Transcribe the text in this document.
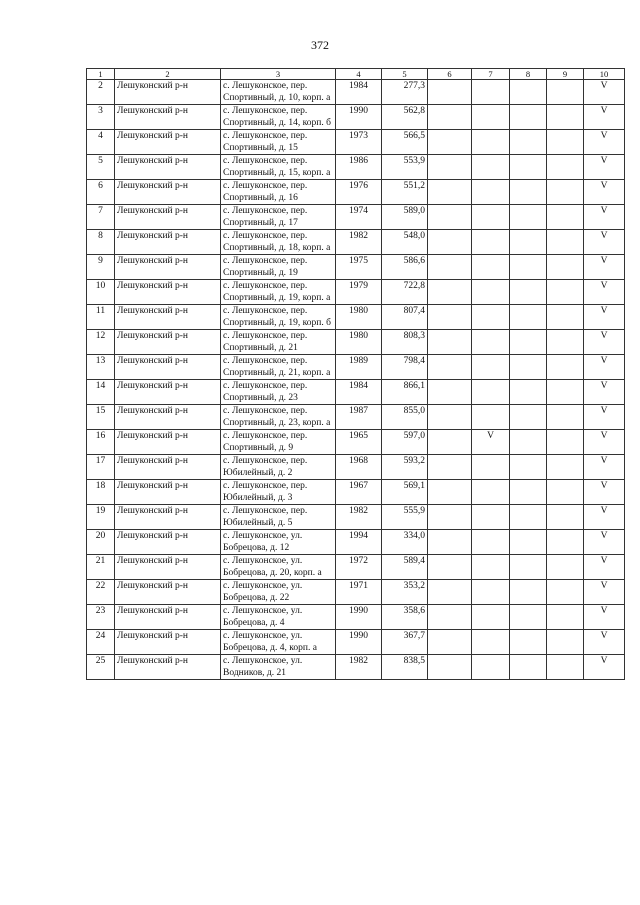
372
1	2	3	4	5	6	7	8	9	10
2	Лешуконский р-н	с. Лешуконское, пер. Спортивный, д. 10, корп. а	1984	277,3					V
3	Лешуконский р-н	с. Лешуконское, пер. Спортивный, д. 14, корп. б	1990	562,8					V
4	Лешуконский р-н	с. Лешуконское, пер. Спортивный, д. 15	1973	566,5					V
5	Лешуконский р-н	с. Лешуконское, пер. Спортивный, д. 15, корп. а	1986	553,9					V
6	Лешуконский р-н	с. Лешуконское, пер. Спортивный, д. 16	1976	551,2					V
7	Лешуконский р-н	с. Лешуконское, пер. Спортивный, д. 17	1974	589,0					V
8	Лешуконский р-н	с. Лешуконское, пер. Спортивный, д. 18, корп. а	1982	548,0					V
9	Лешуконский р-н	с. Лешуконское, пер. Спортивный, д. 19	1975	586,6					V
10	Лешуконский р-н	с. Лешуконское, пер. Спортивный, д. 19, корп. а	1979	722,8					V
11	Лешуконский р-н	с. Лешуконское, пер. Спортивный, д. 19, корп. б	1980	807,4					V
12	Лешуконский р-н	с. Лешуконское, пер. Спортивный, д. 21	1980	808,3					V
13	Лешуконский р-н	с. Лешуконское, пер. Спортивный, д. 21, корп. а	1989	798,4					V
14	Лешуконский р-н	с. Лешуконское, пер. Спортивный, д. 23	1984	866,1					V
15	Лешуконский р-н	с. Лешуконское, пер. Спортивный, д. 23, корп. а	1987	855,0					V
16	Лешуконский р-н	с. Лешуконское, пер. Спортивный, д. 9	1965	597,0		V			V
17	Лешуконский р-н	с. Лешуконское, пер. Юбилейный, д. 2	1968	593,2					V
18	Лешуконский р-н	с. Лешуконское, пер. Юбилейный, д. 3	1967	569,1					V
19	Лешуконский р-н	с. Лешуконское, пер. Юбилейный, д. 5	1982	555,9					V
20	Лешуконский р-н	с. Лешуконское, ул. Бобрецова, д. 12	1994	334,0					V
21	Лешуконский р-н	с. Лешуконское, ул. Бобрецова, д. 20, корп. а	1972	589,4					V
22	Лешуконский р-н	с. Лешуконское, ул. Бобрецова, д. 22	1971	353,2					V
23	Лешуконский р-н	с. Лешуконское, ул. Бобрецова, д. 4	1990	358,6					V
24	Лешуконский р-н	с. Лешуконское, ул. Бобрецова, д. 4, корп. а	1990	367,7					V
25	Лешуконский р-н	с. Лешуконское, ул. Водников, д. 21	1982	838,5					V
